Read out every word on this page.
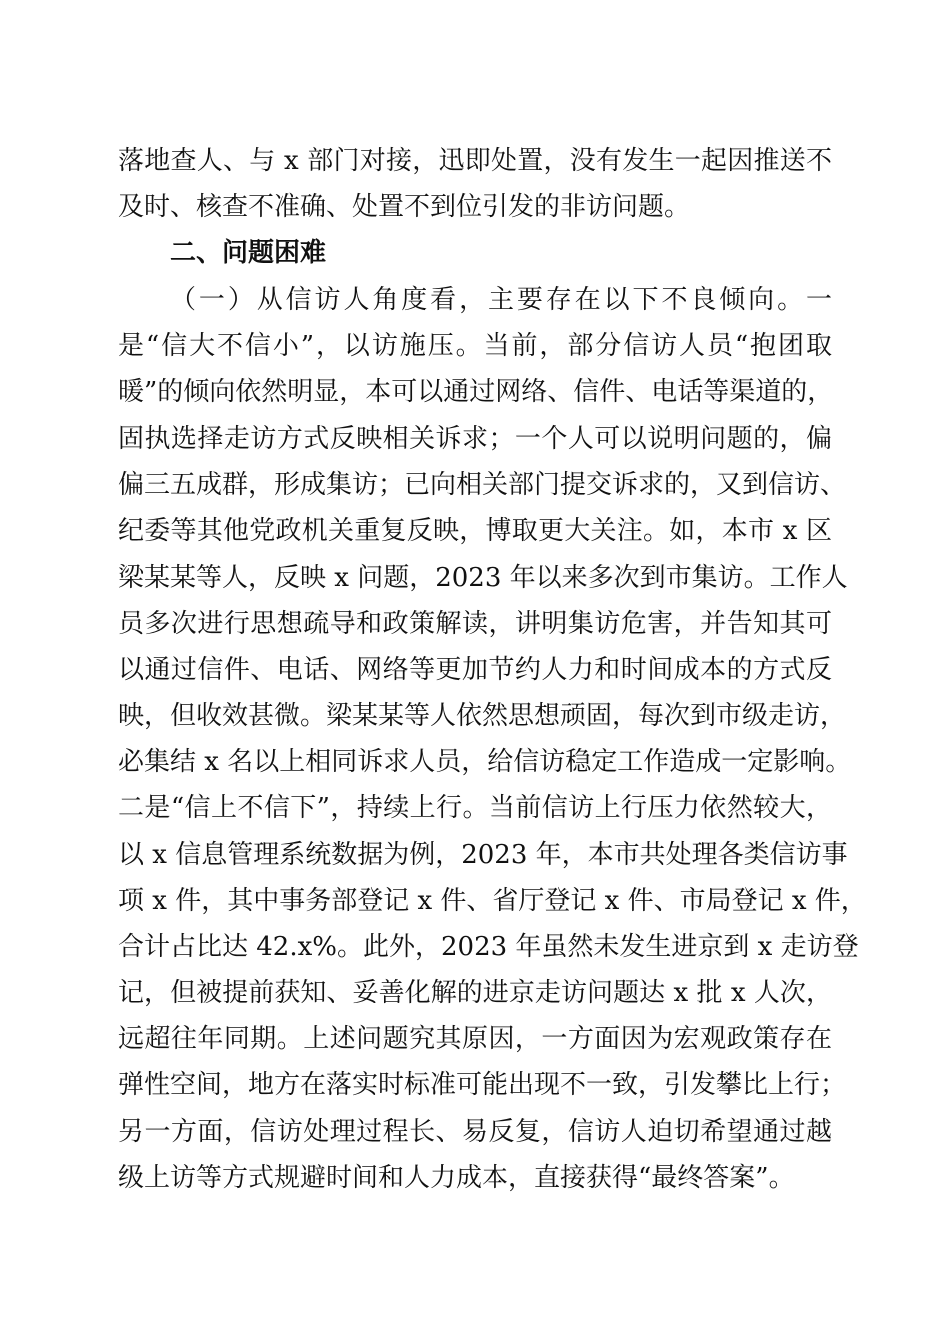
落地查人、与 x 部门对接，迅即处置，没有发生一起因推送不
及时、核查不准确、处置不到位引发的非访问题。
二、问题困难
（一）从信访人角度看，主要存在以下不良倾向。一
是“信大不信小”，以访施压。当前，部分信访人员“抱团取
暖”的倾向依然明显，本可以通过网络、信件、电话等渠道的，
固执选择走访方式反映相关诉求；一个人可以说明问题的，偏
偏三五成群，形成集访；已向相关部门提交诉求的，又到信访、
纪委等其他党政机关重复反映，博取更大关注。如，本市 x 区
梁某某等人，反映 x 问题，2023 年以来多次到市集访。工作人
员多次进行思想疏导和政策解读，讲明集访危害，并告知其可
以通过信件、电话、网络等更加节约人力和时间成本的方式反
映，但收效甚微。梁某某等人依然思想顽固，每次到市级走访，
必集结 x 名以上相同诉求人员，给信访稳定工作造成一定影响。
二是“信上不信下”，持续上行。当前信访上行压力依然较大，
以 x 信息管理系统数据为例，2023 年，本市共处理各类信访事
项 x 件，其中事务部登记 x 件、省厅登记 x 件、市局登记 x 件，
合计占比达 42.x%。此外，2023 年虽然未发生进京到 x 走访登
记，但被提前获知、妥善化解的进京走访问题达 x 批 x 人次，
远超往年同期。上述问题究其原因，一方面因为宏观政策存在
弹性空间，地方在落实时标准可能出现不一致，引发攀比上行；
另一方面，信访处理过程长、易反复，信访人迫切希望通过越
级上访等方式规避时间和人力成本，直接获得“最终答案”。
